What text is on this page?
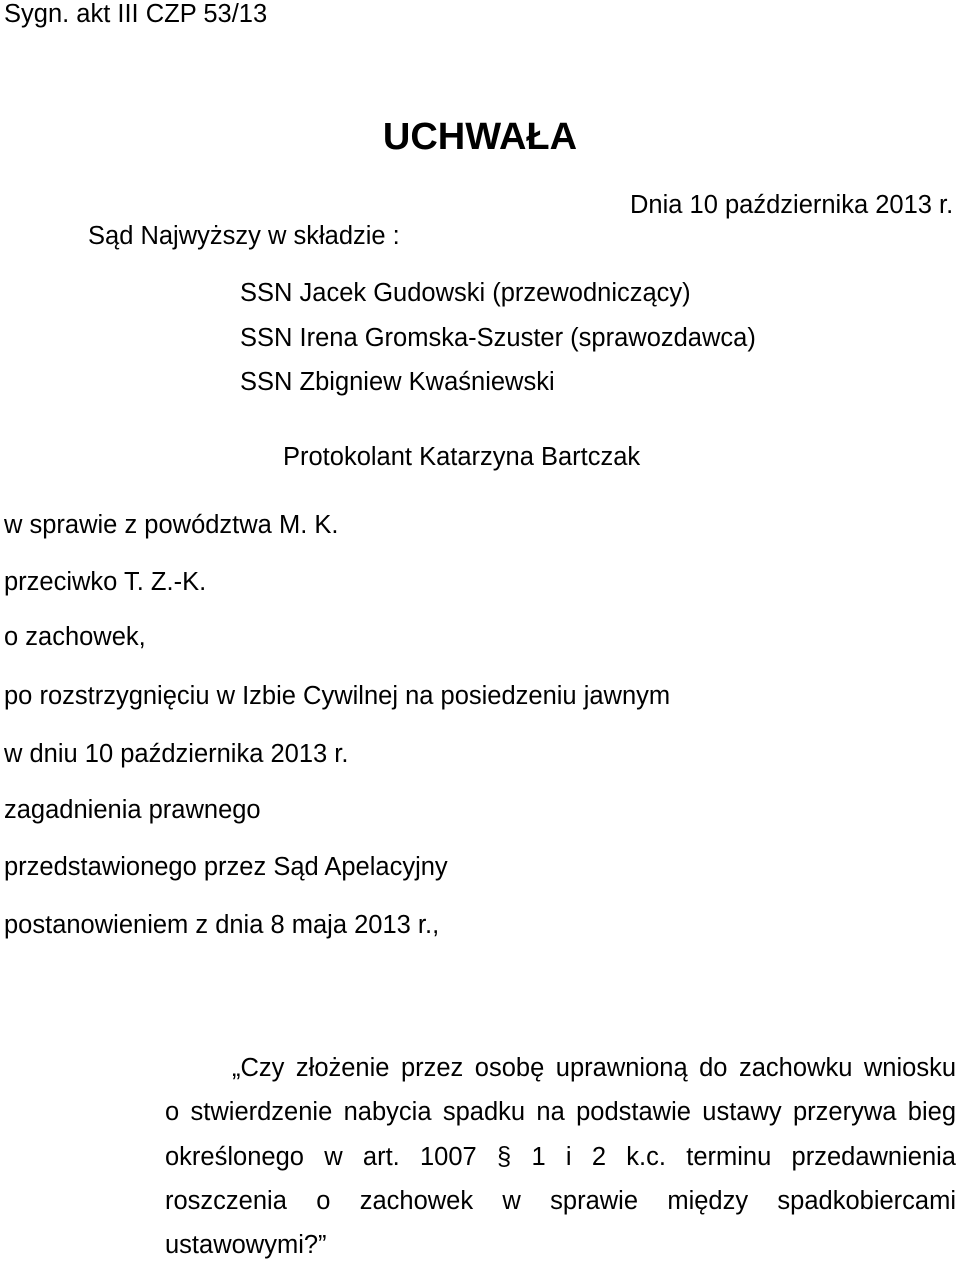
Sygn. akt III CZP 53/13
UCHWAŁA
Dnia 10 października 2013 r.
Sąd Najwyższy w składzie :
SSN Jacek Gudowski (przewodniczący)
SSN Irena Gromska-Szuster (sprawozdawca)
SSN Zbigniew Kwaśniewski
Protokolant Katarzyna Bartczak
w sprawie z powództwa M. K.
przeciwko T. Z.-K.
o zachowek,
po rozstrzygnięciu w Izbie Cywilnej na posiedzeniu jawnym
w dniu 10 października 2013 r.
zagadnienia prawnego
przedstawionego przez Sąd Apelacyjny
postanowieniem z dnia 8 maja 2013 r.,
„Czy złożenie przez osobę uprawnioną do zachowku wniosku
o stwierdzenie nabycia spadku na podstawie ustawy przerywa bieg
określonego w art. 1007 § 1 i 2 k.c. terminu przedawnienia
roszczenia o zachowek w sprawie między spadkobiercami
ustawowymi?”
